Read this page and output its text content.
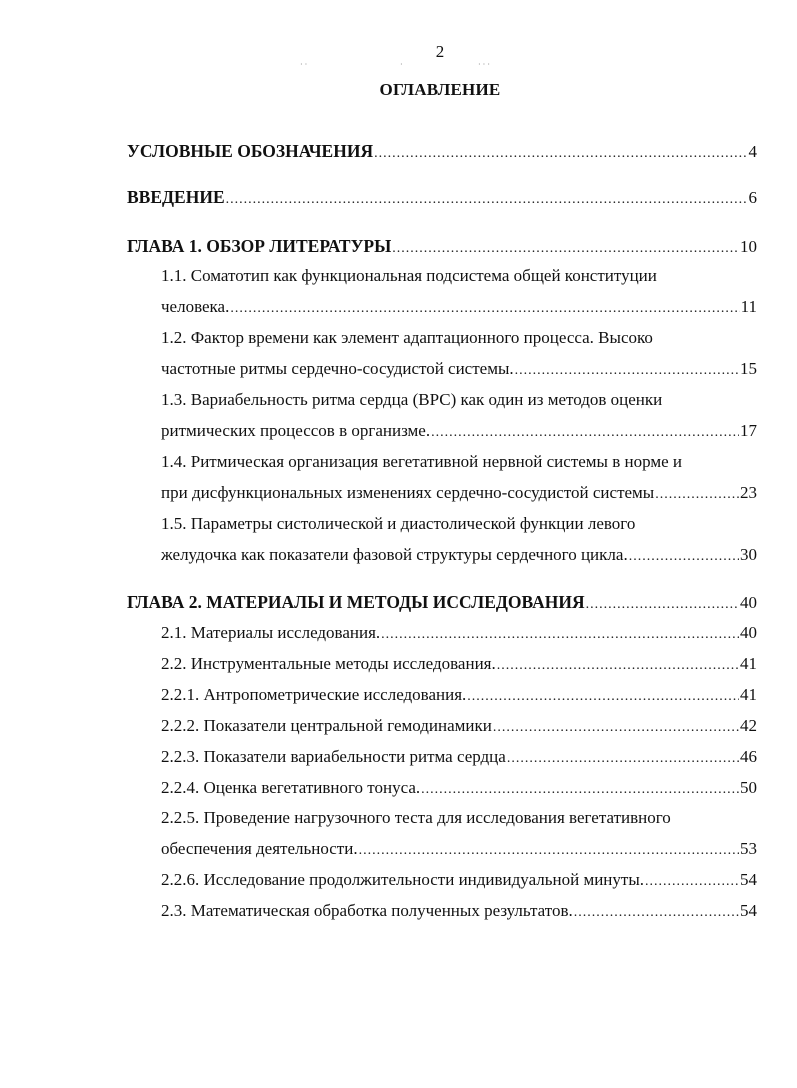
2
· ·	·	· · ·
ОГЛАВЛЕНИЕ
УСЛОВНЫЕ ОБОЗНАЧЕНИЯ .....	4
ВВЕДЕНИЕ .....	6
ГЛАВА 1. ОБЗОР ЛИТЕРАТУРЫ .....	10
1.1. Соматотип как функциональная подсистема общей конституции
человека. .....	11
1.2. Фактор времени как элемент адаптационного процесса. Высоко
частотные ритмы сердечно-сосудистой системы. .....	15
1.3. Вариабельность ритма сердца (ВРС) как один из методов оценки
ритмических процессов в организме. .....	17
1.4. Ритмическая организация вегетативной нервной системы в норме и
при дисфункциональных изменениях сердечно-сосудистой системы .....	23
1.5. Параметры систолической и диастолической функции левого
желудочка как показатели фазовой структуры сердечного цикла. .....	30
ГЛАВА 2. МАТЕРИАЛЫ И МЕТОДЫ ИССЛЕДОВАНИЯ .....	40
2.1. Материалы исследования. .....	40
2.2. Инструментальные методы исследования. .....	41
2.2.1. Антропометрические исследования. .....	41
2.2.2. Показатели центральной гемодинамики .....	42
2.2.3. Показатели вариабельности ритма сердца .....	46
2.2.4. Оценка вегетативного тонуса. .....	50
2.2.5. Проведение нагрузочного теста для исследования вегетативного
обеспечения деятельности. .....	53
2.2.6. Исследование продолжительности индивидуальной минуты. .....	54
2.3. Математическая обработка полученных результатов. .....	54
